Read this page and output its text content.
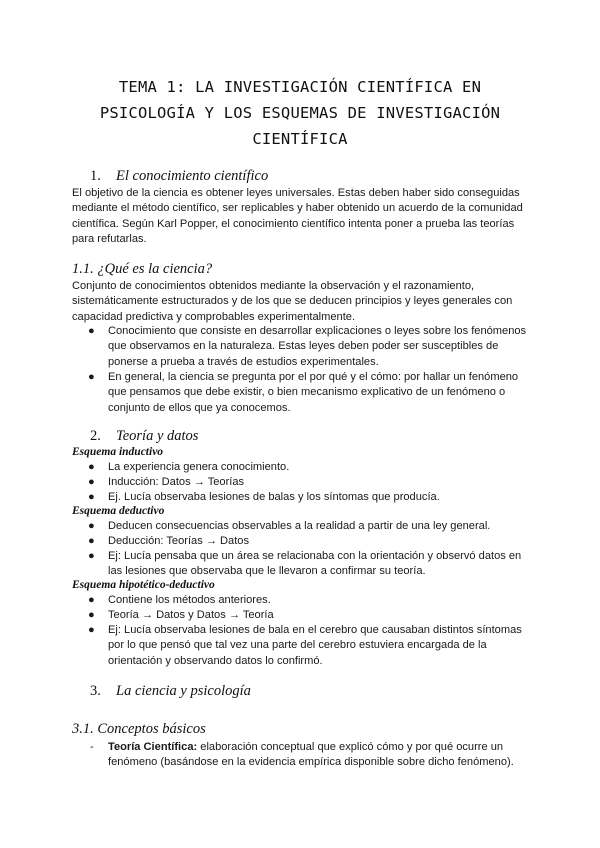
TEMA 1: LA INVESTIGACIÓN CIENTÍFICA EN
PSICOLOGÍA Y LOS ESQUEMAS DE INVESTIGACIÓN
CIENTÍFICA
1. El conocimiento científico
El objetivo de la ciencia es obtener leyes universales. Estas deben haber sido conseguidas
mediante el método científico, ser replicables y haber obtenido un acuerdo de la comunidad
científica. Según Karl Popper, el conocimiento científico intenta poner a prueba las teorías
para refutarlas.
1.1. ¿Qué es la ciencia?
Conjunto de conocimientos obtenidos mediante la observación y el razonamiento,
sistemáticamente estructurados y de los que se deducen principios y leyes generales con
capacidad predictiva y comprobables experimentalmente.
● Conocimiento que consiste en desarrollar explicaciones o leyes sobre los fenómenos
que observamos en la naturaleza. Estas leyes deben poder ser susceptibles de
ponerse a prueba a través de estudios experimentales.
● En general, la ciencia se pregunta por el por qué y el cómo: por hallar un fenómeno
que pensamos que debe existir, o bien mecanismo explicativo de un fenómeno o
conjunto de ellos que ya conocemos.
2. Teoría y datos
Esquema inductivo
● La experiencia genera conocimiento.
● Inducción: Datos → Teorías
● Ej. Lucía observaba lesiones de balas y los síntomas que producía.
Esquema deductivo
● Deducen consecuencias observables a la realidad a partir de una ley general.
● Deducción: Teorías → Datos
● Ej: Lucía pensaba que un área se relacionaba con la orientación y observó datos en
las lesiones que observaba que le llevaron a confirmar su teoría.
Esquema hipotético-deductivo
● Contiene los métodos anteriores.
● Teoría → Datos y Datos → Teoría
● Ej: Lucía observaba lesiones de bala en el cerebro que causaban distintos síntomas
por lo que pensó que tal vez una parte del cerebro estuviera encargada de la
orientación y observando datos lo confirmó.
3. La ciencia y psicología
3.1. Conceptos básicos
- Teoría Científica: elaboración conceptual que explicó cómo y por qué ocurre un
fenómeno (basándose en la evidencia empírica disponible sobre dicho fenómeno).
